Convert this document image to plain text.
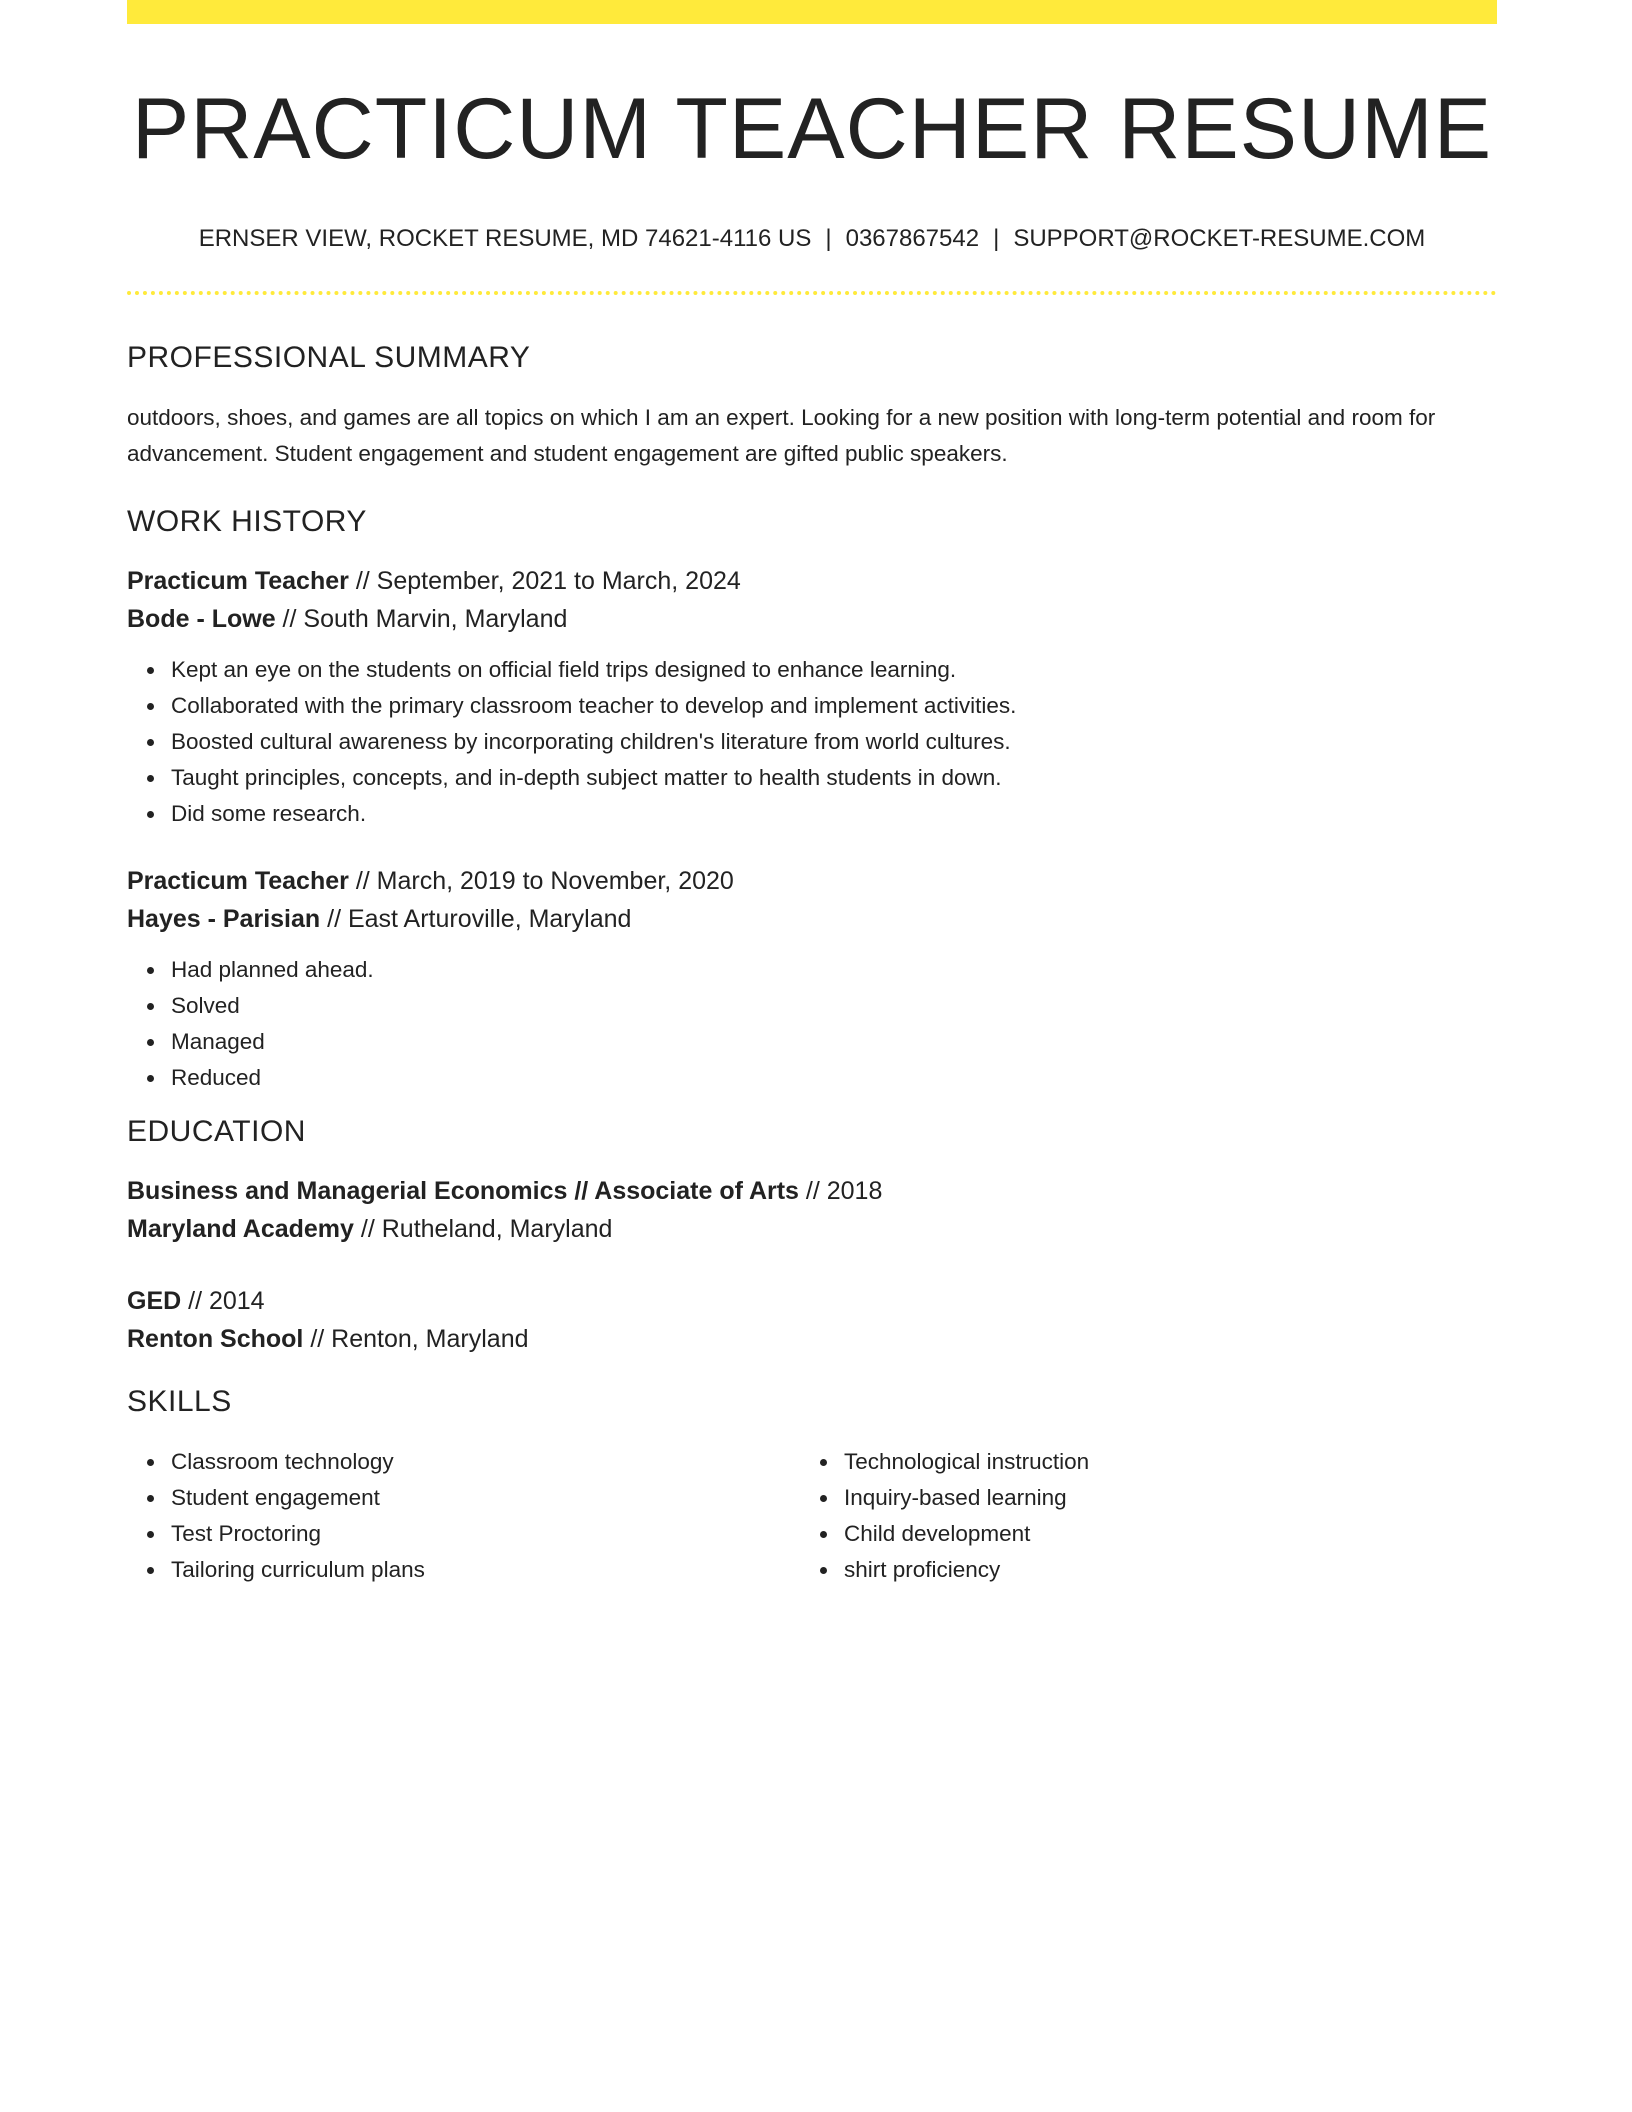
PRACTICUM TEACHER RESUME
ERNSER VIEW, ROCKET RESUME, MD 74621-4116 US | 0367867542 | SUPPORT@ROCKET-RESUME.COM
PROFESSIONAL SUMMARY
outdoors, shoes, and games are all topics on which I am an expert. Looking for a new position with long-term potential and room for advancement. Student engagement and student engagement are gifted public speakers.
WORK HISTORY
Practicum Teacher // September, 2021 to March, 2024
Bode - Lowe // South Marvin, Maryland
Kept an eye on the students on official field trips designed to enhance learning.
Collaborated with the primary classroom teacher to develop and implement activities.
Boosted cultural awareness by incorporating children's literature from world cultures.
Taught principles, concepts, and in-depth subject matter to health students in down.
Did some research.
Practicum Teacher // March, 2019 to November, 2020
Hayes - Parisian // East Arturoville, Maryland
Had planned ahead.
Solved
Managed
Reduced
EDUCATION
Business and Managerial Economics // Associate of Arts // 2018
Maryland Academy // Rutheland, Maryland
GED // 2014
Renton School // Renton, Maryland
SKILLS
Classroom technology
Student engagement
Test Proctoring
Tailoring curriculum plans
Technological instruction
Inquiry-based learning
Child development
shirt proficiency
